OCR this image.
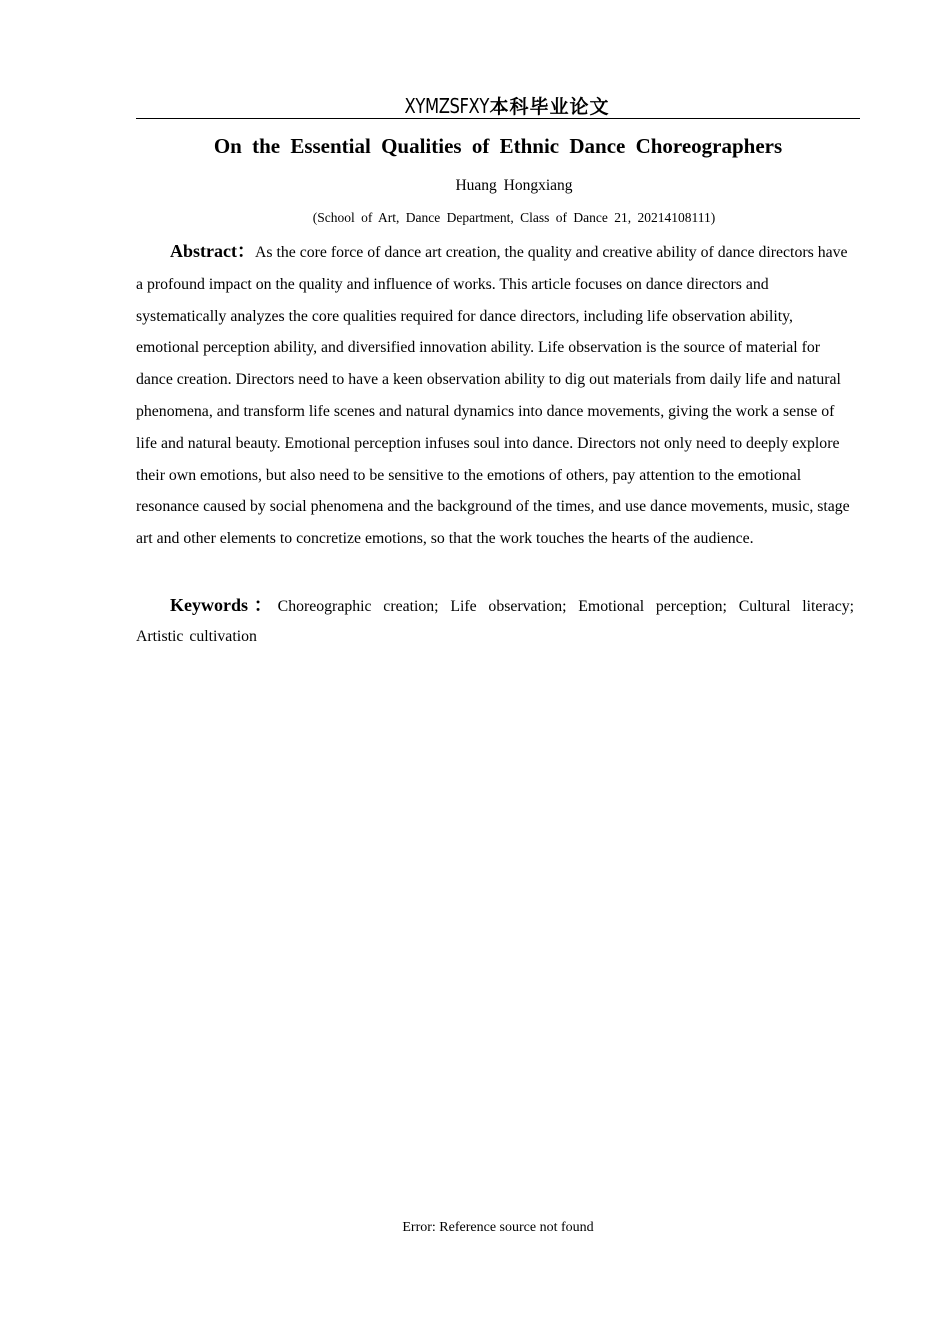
XYMZSFXY本科毕业论文
On the Essential Qualities of Ethnic Dance Choreographers
Huang Hongxiang
(School of Art, Dance Department, Class of Dance 21, 20214108111)
Abstract：As the core force of dance art creation, the quality and creative ability of dance directors have a profound impact on the quality and influence of works. This article focuses on dance directors and systematically analyzes the core qualities required for dance directors, including life observation ability, emotional perception ability, and diversified innovation ability. Life observation is the source of material for dance creation. Directors need to have a keen observation ability to dig out materials from daily life and natural phenomena, and transform life scenes and natural dynamics into dance movements, giving the work a sense of life and natural beauty. Emotional perception infuses soul into dance. Directors not only need to deeply explore their own emotions, but also need to be sensitive to the emotions of others, pay attention to the emotional resonance caused by social phenomena and the background of the times, and use dance movements, music, stage art and other elements to concretize emotions, so that the work touches the hearts of the audience.
Keywords：Choreographic creation; Life observation; Emotional perception; Cultural literacy; Artistic cultivation
Error: Reference source not found
